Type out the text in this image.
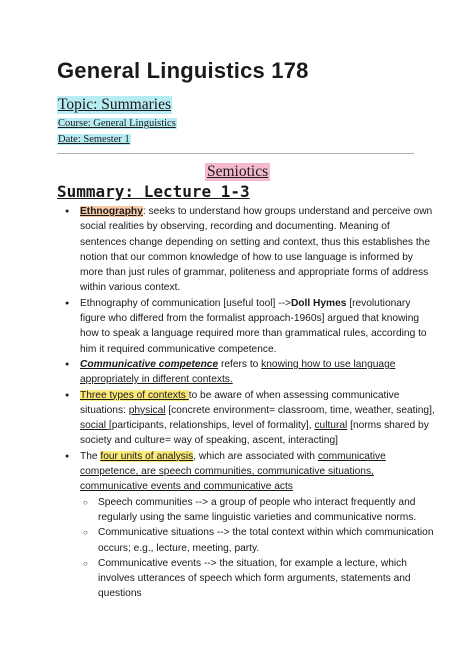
General Linguistics 178
Topic: Summaries
Course: General Linguistics
Date: Semester 1
Semiotics
Summary: Lecture 1-3
● Ethnography: seeks to understand how groups understand and perceive own social realities by observing, recording and documenting. Meaning of sentences change depending on setting and context, thus this establishes the notion that our common knowledge of how to use language is informed by more than just rules of grammar, politeness and appropriate forms of address within various context.
● Ethnography of communication [useful tool] -->Doll Hymes [revolutionary figure who differed from the formalist approach-1960s] argued that knowing how to speak a language required more than grammatical rules, according to him it required communicative competence.
● Communicative competence refers to knowing how to use language appropriately in different contexts.
● Three types of contexts to be aware of when assessing communicative situations: physical [concrete environment= classroom, time, weather, seating], social [participants, relationships, level of formality], cultural [norms shared by society and culture= way of speaking, ascent, interacting]
● The four units of analysis, which are associated with communicative competence, are speech communities, communicative situations, communicative events and communicative acts
○ Speech communities --> a group of people who interact frequently and regularly using the same linguistic varieties and communicative norms.
○ Communicative situations --> the total context within which communication occurs; e.g., lecture, meeting, party.
○ Communicative events --> the situation, for example a lecture, which involves utterances of speech which form arguments, statements and questions
